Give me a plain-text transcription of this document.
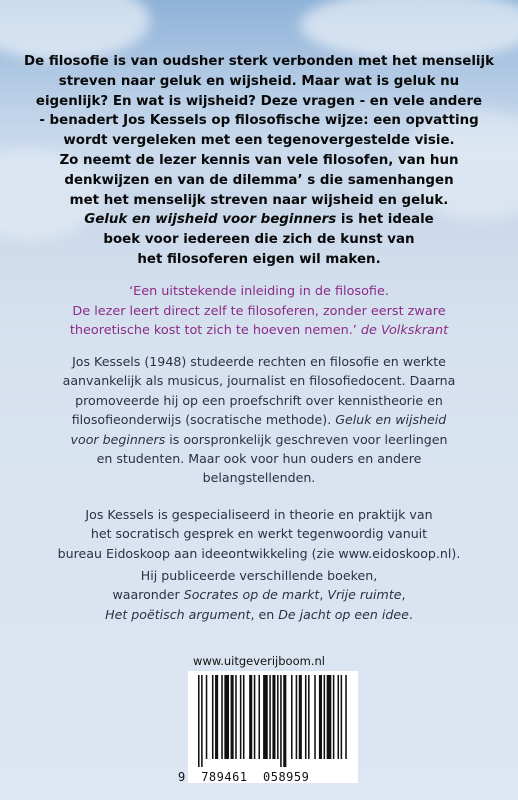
De filosofie is van oudsher sterk verbonden met het menselijk
streven naar geluk en wijsheid. Maar wat is geluk nu
eigenlijk? En wat is wijsheid? Deze vragen - en vele andere
- benadert Jos Kessels op filosofische wijze: een opvatting
wordt vergeleken met een tegenovergestelde visie.
Zo neemt de lezer kennis van vele filosofen, van hun
denkwijzen en van de dilemma’ s die samenhangen
met het menselijk streven naar wijsheid en geluk.
Geluk en wijsheid voor beginners is het ideale
boek voor iedereen die zich de kunst van
het filosoferen eigen wil maken.
‘Een uitstekende inleiding in de filosofie.
De lezer leert direct zelf te filosoferen, zonder eerst zware
theoretische kost tot zich te hoeven nemen.’ de Volkskrant
Jos Kessels (1948) studeerde rechten en filosofie en werkte
aanvankelijk als musicus, journalist en filosofiedocent. Daarna
promoveerde hij op een proefschrift over kennistheorie en
filosofieonderwijs (socratische methode). Geluk en wijsheid
voor beginners is oorspronkelijk geschreven voor leerlingen
en studenten. Maar ook voor hun ouders en andere
belangstellenden.
Jos Kessels is gespecialiseerd in theorie en praktijk van
het socratisch gesprek en werkt tegenwoordig vanuit
bureau Eidoskoop aan ideeontwikkeling (zie www.eidoskoop.nl).
Hij publiceerde verschillende boeken,
waaronder Socrates op de markt, Vrije ruimte,
Het poëtisch argument, en De jacht op een idee.
www.uitgeverijboom.nl
9 789461 058959
